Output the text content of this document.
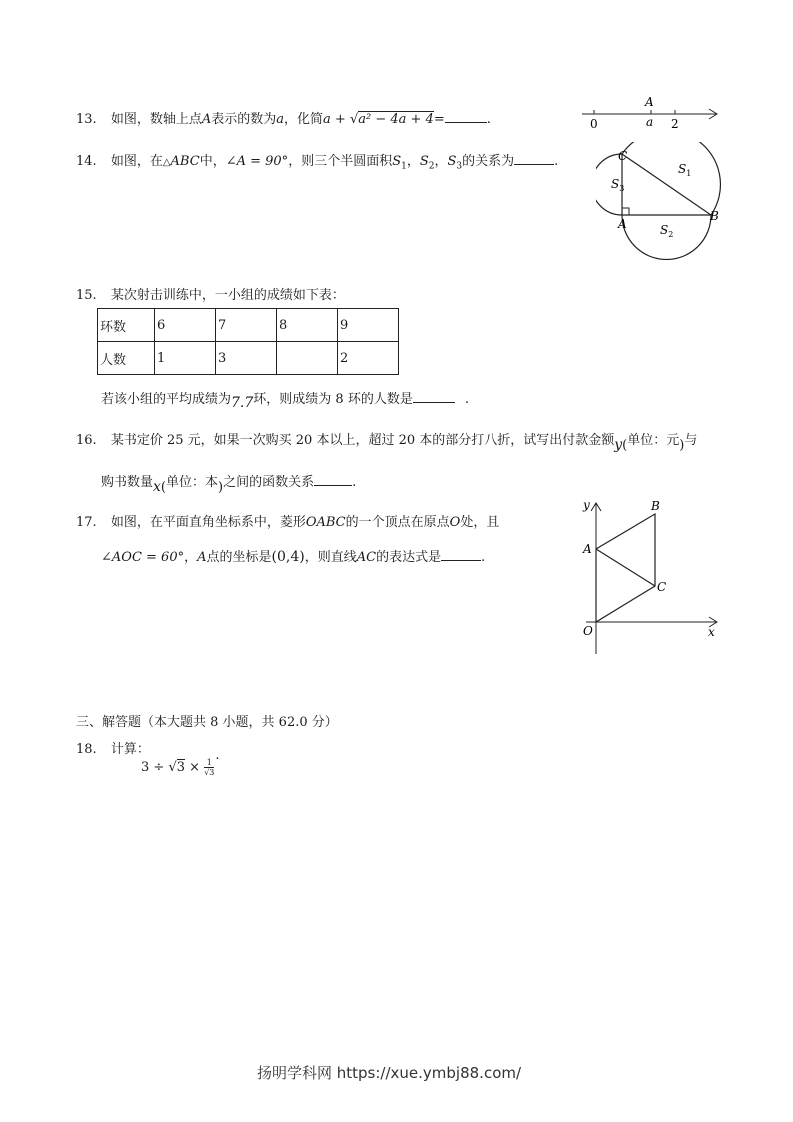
13. 如图，数轴上点A表示的数为a，化简a + √a² − 4a + 4=	.
A
0	a 2
14. 如图，在△ABC中，∠A = 90°，则三个半圆面积$S_1$，$S_2$，$S_3$的关系为	.	C
A
B
$S_1$
$S_2$
$S_3$
15. 某次射击训练中，一小组的成绩如下表：
环数	6	7	8	9
人数	1	3		2
若该小组的平均成绩为7.7环，则成绩为 8 环的人数是	.
16. 某书定价 25 元，如果一次购买 20 本以上，超过 20 本的部分打八折，试写出付款金额y(单位：元)与
购书数量x(单位：本)之间的函数关系	.
17. 如图，在平面直角坐标系中，菱形OABC的一个顶点在原点O处，且
∠AOC = 60°，A点的坐标是(0,4)，则直线AC的表达式是	.
y
x
O
A
B
C
三、解答题（本大题共 8 小题，共 62.0 分）
18. 计算：
$3 \div √3 \times \frac{1}{√3}$
.
扬明学科网 https://xue.ymbj88.com/
